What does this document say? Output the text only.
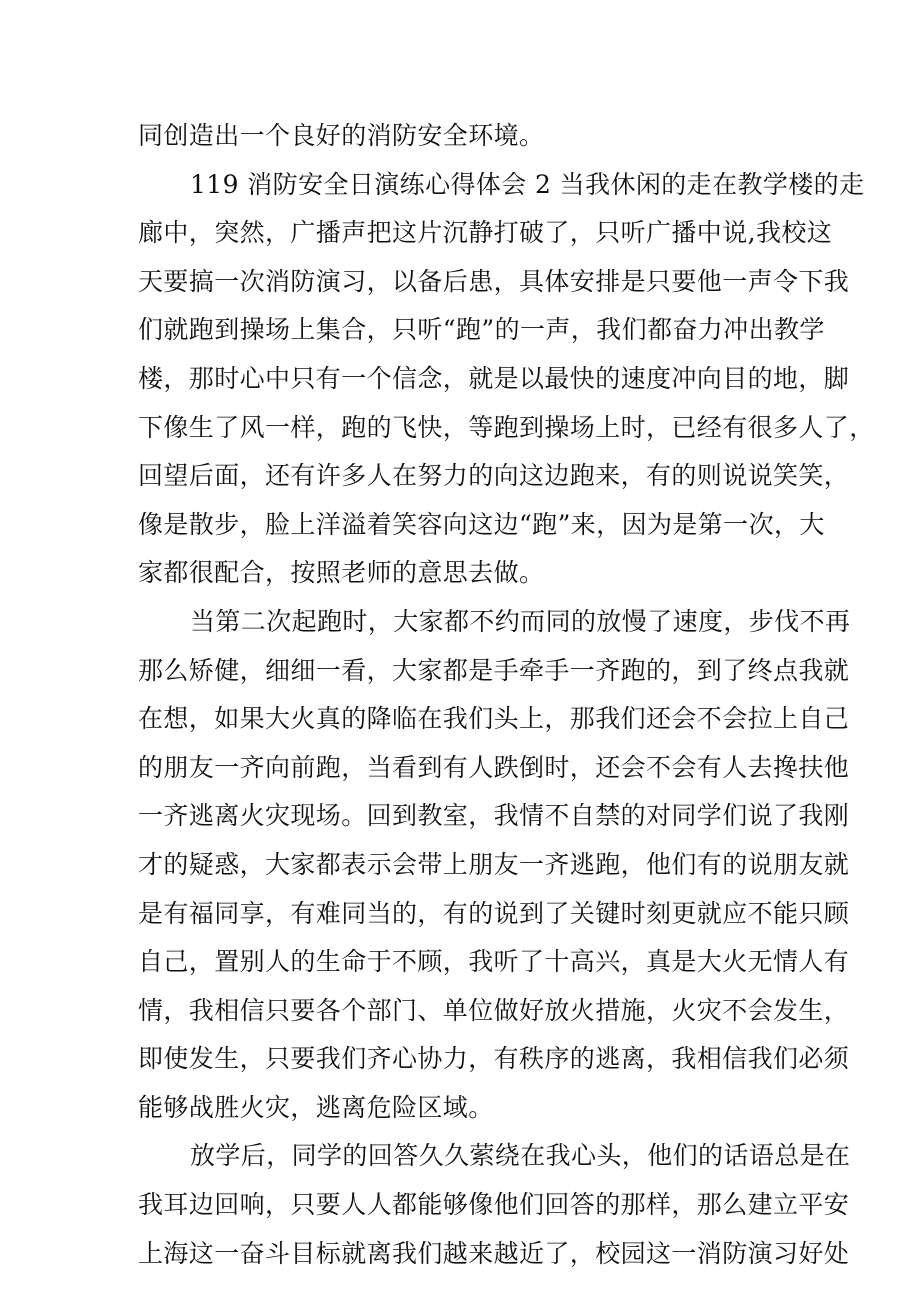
同创造出一个良好的消防安全环境。
119 消防安全日演练心得体会 2 当我休闲的走在教学楼的走
廊中，突然，广播声把这片沉静打破了，只听广播中说,我校这
天要搞一次消防演习，以备后患，具体安排是只要他一声令下我
们就跑到操场上集合，只听“跑”的一声，我们都奋力冲出教学
楼，那时心中只有一个信念，就是以最快的速度冲向目的地，脚
下像生了风一样，跑的飞快，等跑到操场上时，已经有很多人了，
回望后面，还有许多人在努力的向这边跑来，有的则说说笑笑，
像是散步，脸上洋溢着笑容向这边“跑”来，因为是第一次，大
家都很配合，按照老师的意思去做。
当第二次起跑时，大家都不约而同的放慢了速度，步伐不再
那么矫健，细细一看，大家都是手牵手一齐跑的，到了终点我就
在想，如果大火真的降临在我们头上，那我们还会不会拉上自己
的朋友一齐向前跑，当看到有人跌倒时，还会不会有人去搀扶他
一齐逃离火灾现场。回到教室，我情不自禁的对同学们说了我刚
才的疑惑，大家都表示会带上朋友一齐逃跑，他们有的说朋友就
是有福同享，有难同当的，有的说到了关键时刻更就应不能只顾
自己，置别人的生命于不顾，我听了十高兴，真是大火无情人有
情，我相信只要各个部门、单位做好放火措施，火灾不会发生，
即使发生，只要我们齐心协力，有秩序的逃离，我相信我们必须
能够战胜火灾，逃离危险区域。
放学后，同学的回答久久萦绕在我心头，他们的话语总是在
我耳边回响，只要人人都能够像他们回答的那样，那么建立平安
上海这一奋斗目标就离我们越来越近了，校园这一消防演习好处
